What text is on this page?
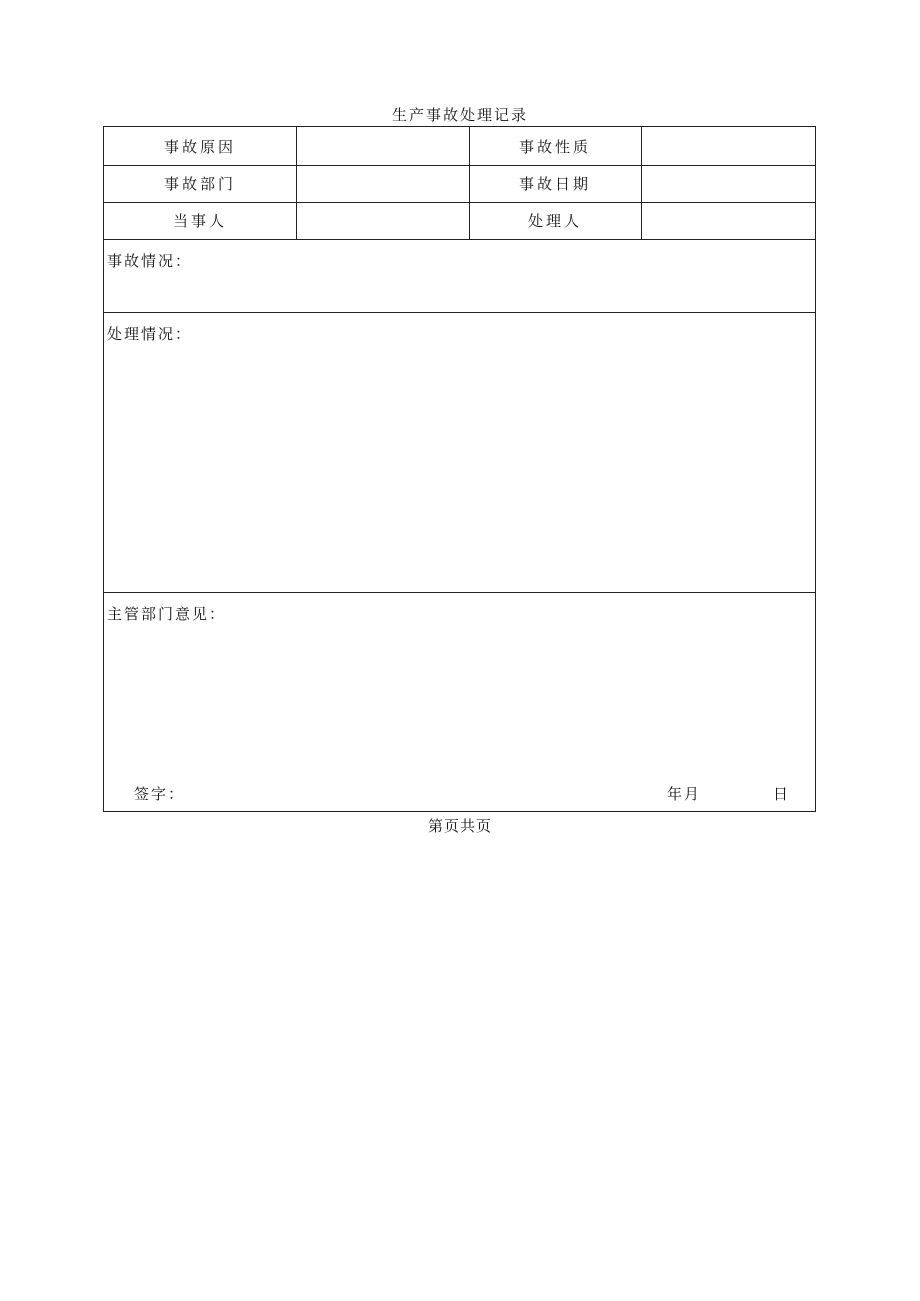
生产事故处理记录
事故原因	事故性质
事故部门	事故日期
当事人	处理人
事故情况：
处理情况：
主管部门意见：
签字：	年月	日
第页共页
